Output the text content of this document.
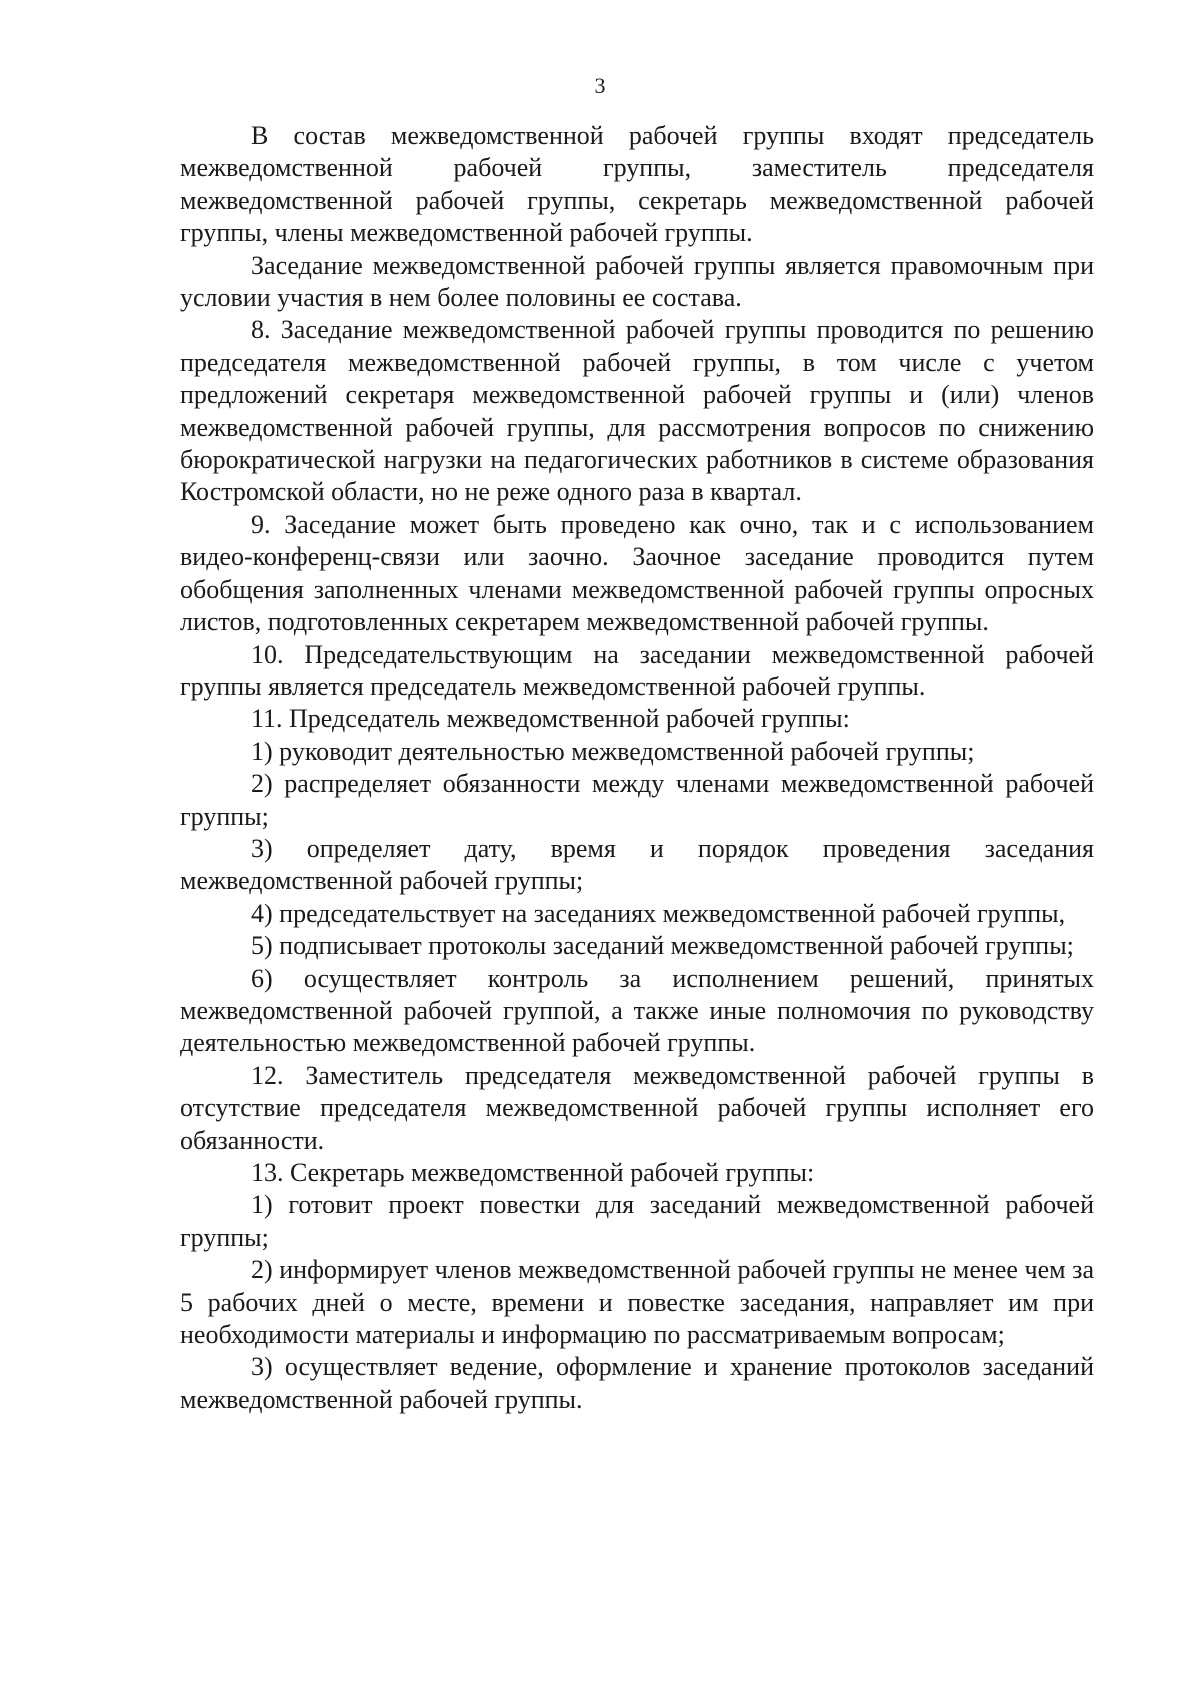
3

В состав межведомственной рабочей группы входят председатель межведомственной рабочей группы, заместитель председателя межведомственной рабочей группы, секретарь межведомственной рабочей группы, члены межведомственной рабочей группы.

Заседание межведомственной рабочей группы является правомочным при условии участия в нем более половины ее состава.

8. Заседание межведомственной рабочей группы проводится по решению председателя межведомственной рабочей группы, в том числе с учетом предложений секретаря межведомственной рабочей группы и (или) членов межведомственной рабочей группы, для рассмотрения вопросов по снижению бюрократической нагрузки на педагогических работников в системе образования Костромской области, но не реже одного раза в квартал.

9. Заседание может быть проведено как очно, так и с использованием видео-конференц-связи или заочно. Заочное заседание проводится путем обобщения заполненных членами межведомственной рабочей группы опросных листов, подготовленных секретарем межведомственной рабочей группы.

10. Председательствующим на заседании межведомственной рабочей группы является председатель межведомственной рабочей группы.

11. Председатель межведомственной рабочей группы:

1) руководит деятельностью межведомственной рабочей группы;

2) распределяет обязанности между членами межведомственной рабочей группы;

3) определяет дату, время и порядок проведения заседания межведомственной рабочей группы;

4) председательствует на заседаниях межведомственной рабочей группы,

5) подписывает протоколы заседаний межведомственной рабочей группы;

6) осуществляет контроль за исполнением решений, принятых межведомственной рабочей группой, а также иные полномочия по руководству деятельностью межведомственной рабочей группы.

12. Заместитель председателя межведомственной рабочей группы в отсутствие председателя межведомственной рабочей группы исполняет его обязанности.

13. Секретарь межведомственной рабочей группы:

1) готовит проект повестки для заседаний межведомственной рабочей группы;

2) информирует членов межведомственной рабочей группы не менее чем за 5 рабочих дней о месте, времени и повестке заседания, направляет им при необходимости материалы и информацию по рассматриваемым вопросам;

3) осуществляет ведение, оформление и хранение протоколов заседаний межведомственной рабочей группы.
